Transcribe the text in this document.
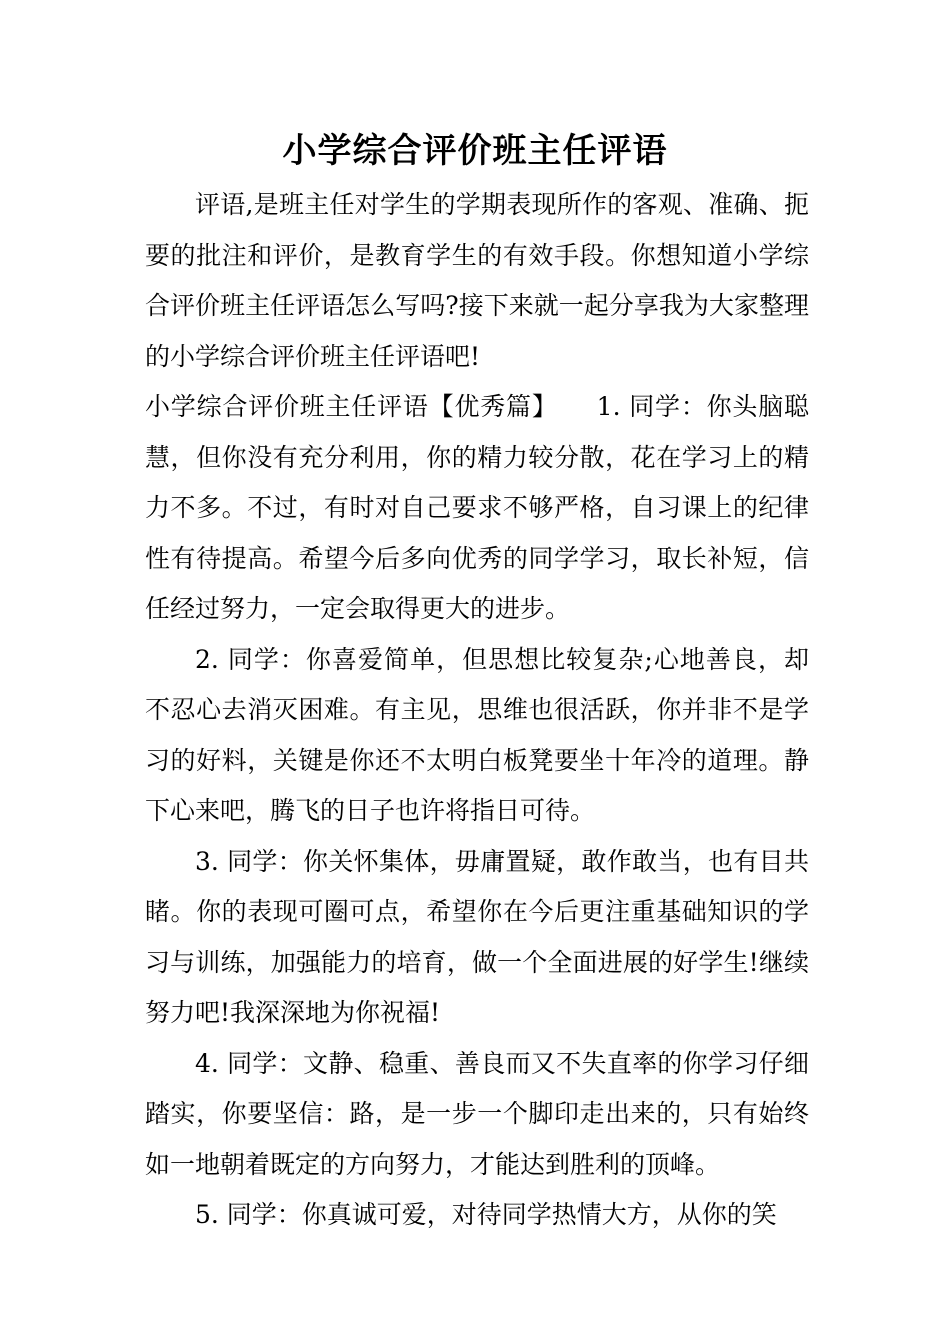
小学综合评价班主任评语

评语,是班主任对学生的学期表现所作的客观、准确、扼要的批注和评价，是教育学生的有效手段。你想知道小学综合评价班主任评语怎么写吗?接下来就一起分享我为大家整理的小学综合评价班主任评语吧!

小学综合评价班主任评语【优秀篇】　　1. 同学：你头脑聪慧，但你没有充分利用，你的精力较分散，花在学习上的精力不多。不过，有时对自己要求不够严格，自习课上的纪律性有待提高。希望今后多向优秀的同学学习，取长补短，信任经过努力，一定会取得更大的进步。

2. 同学：你喜爱简单，但思想比较复杂;心地善良，却不忍心去消灭困难。有主见，思维也很活跃，你并非不是学习的好料，关键是你还不太明白板凳要坐十年冷的道理。静下心来吧，腾飞的日子也许将指日可待。

3. 同学：你关怀集体，毋庸置疑，敢作敢当，也有目共睹。你的表现可圈可点，希望你在今后更注重基础知识的学习与训练，加强能力的培育，做一个全面进展的好学生!继续努力吧!我深深地为你祝福!

4. 同学：文静、稳重、善良而又不失直率的你学习仔细踏实，你要坚信：路，是一步一个脚印走出来的，只有始终如一地朝着既定的方向努力，才能达到胜利的顶峰。

5. 同学：你真诚可爱，对待同学热情大方，从你的笑
